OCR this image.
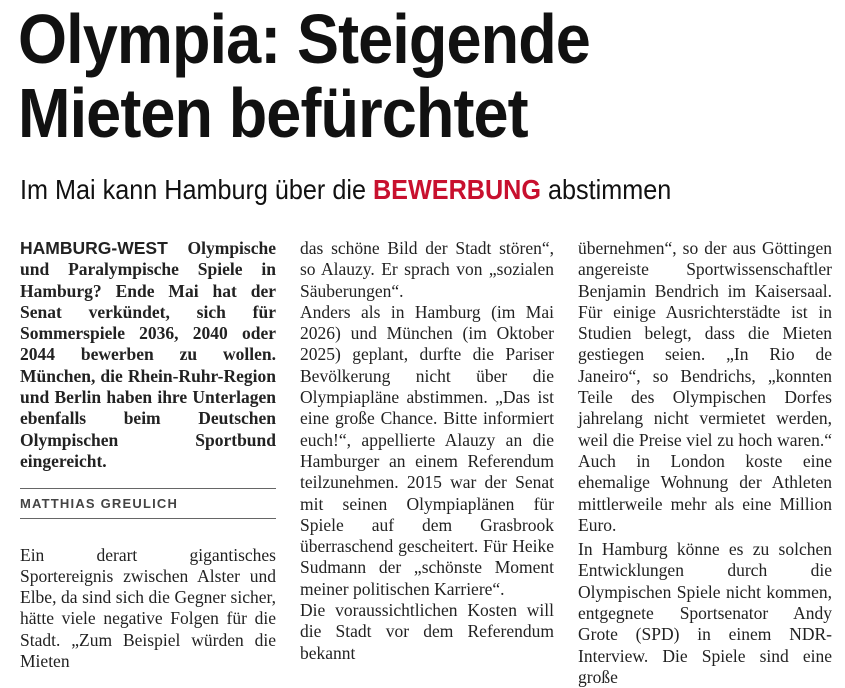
Olympia: Steigende
Mieten befürchtet
Im Mai kann Hamburg über die BEWERBUNG abstimmen

HAMBURG-WEST Olympische und Paralympische Spiele in Hamburg? Ende Mai hat der Senat verkündet, sich für Sommerspiele 2036, 2040 oder 2044 bewerben zu wollen. München, die Rhein-Ruhr-Region und Berlin haben ihre Unterlagen ebenfalls beim Deutschen Olympischen Sportbund eingereicht.

MATTHIAS GREULICH

Ein derart gigantisches Sportereignis zwischen Alster und Elbe, da sind sich die Gegner sicher, hätte viele negative Folgen für die Stadt. „Zum Beispiel würden die Mieten

das schöne Bild der Stadt stören“, so Alauzy. Er sprach von „sozialen Säuberungen“.

Anders als in Hamburg (im Mai 2026) und München (im Oktober 2025) geplant, durfte die Pariser Bevölkerung nicht über die Olympiapläne abstimmen. „Das ist eine große Chance. Bitte informiert euch!“, appellierte Alauzy an die Hamburger an einem Referendum teilzunehmen. 2015 war der Senat mit seinen Olympiaplänen für Spiele auf dem Grasbrook überraschend gescheitert. Für Heike Sudmann der „schönste Moment meiner politischen Karriere“.

Die voraussichtlichen Kosten will die Stadt vor dem Referendum bekannt

übernehmen“, so der aus Göttingen angereiste Sportwissenschaftler Benjamin Bendrich im Kaisersaal. Für einige Ausrichterstädte ist in Studien belegt, dass die Mieten gestiegen seien. „In Rio de Janeiro“, so Bendrichs, „konnten Teile des Olympischen Dorfes jahrelang nicht vermietet werden, weil die Preise viel zu hoch waren.“ Auch in London koste eine ehemalige Wohnung der Athleten mittlerweile mehr als eine Million Euro.

In Hamburg könne es zu solchen Entwicklungen durch die Olympischen Spiele nicht kommen, entgegnete Sportsenator Andy Grote (SPD) in einem NDR-Interview. Die Spiele sind eine große
